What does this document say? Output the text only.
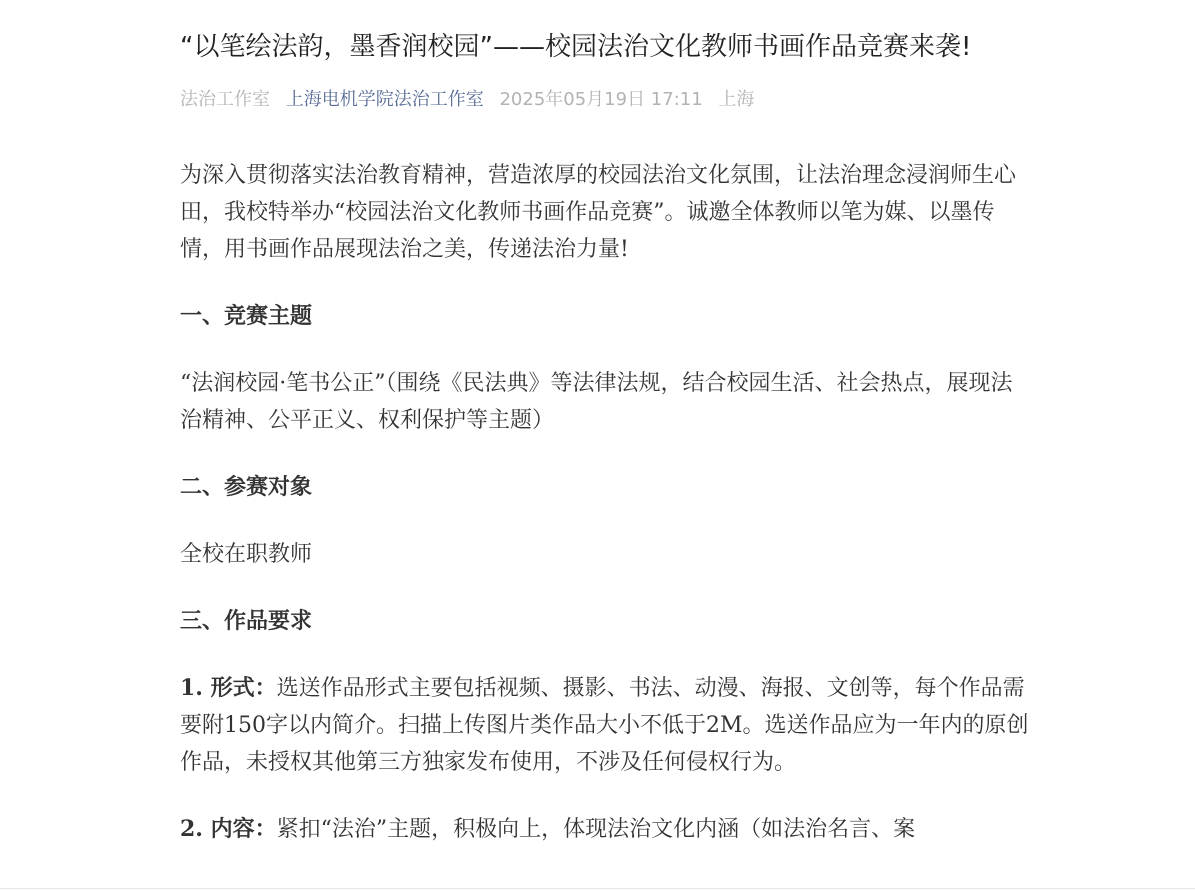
“以笔绘法韵，墨香润校园”——校园法治文化教师书画作品竞赛来袭!
法治工作室 上海电机学院法治工作室 2025年05月19日 17:11 上海

为深入贯彻落实法治教育精神，营造浓厚的校园法治文化氛围，让法治理念浸润师生心田，我校特举办“校园法治文化教师书画作品竞赛”。诚邀全体教师以笔为媒、以墨传情，用书画作品展现法治之美，传递法治力量!

一、竞赛主题

“法润校园·笔书公正”（围绕《民法典》等法律法规，结合校园生活、社会热点，展现法治精神、公平正义、权利保护等主题）

二、参赛对象

全校在职教师

三、作品要求

1. 形式：选送作品形式主要包括视频、摄影、书法、动漫、海报、文创等，每个作品需要附150字以内简介。扫描上传图片类作品大小不低于2M。选送作品应为一年内的原创作品，未授权其他第三方独家发布使用，不涉及任何侵权行为。

2. 内容：紧扣“法治”主题，积极向上，体现法治文化内涵（如法治名言、案
